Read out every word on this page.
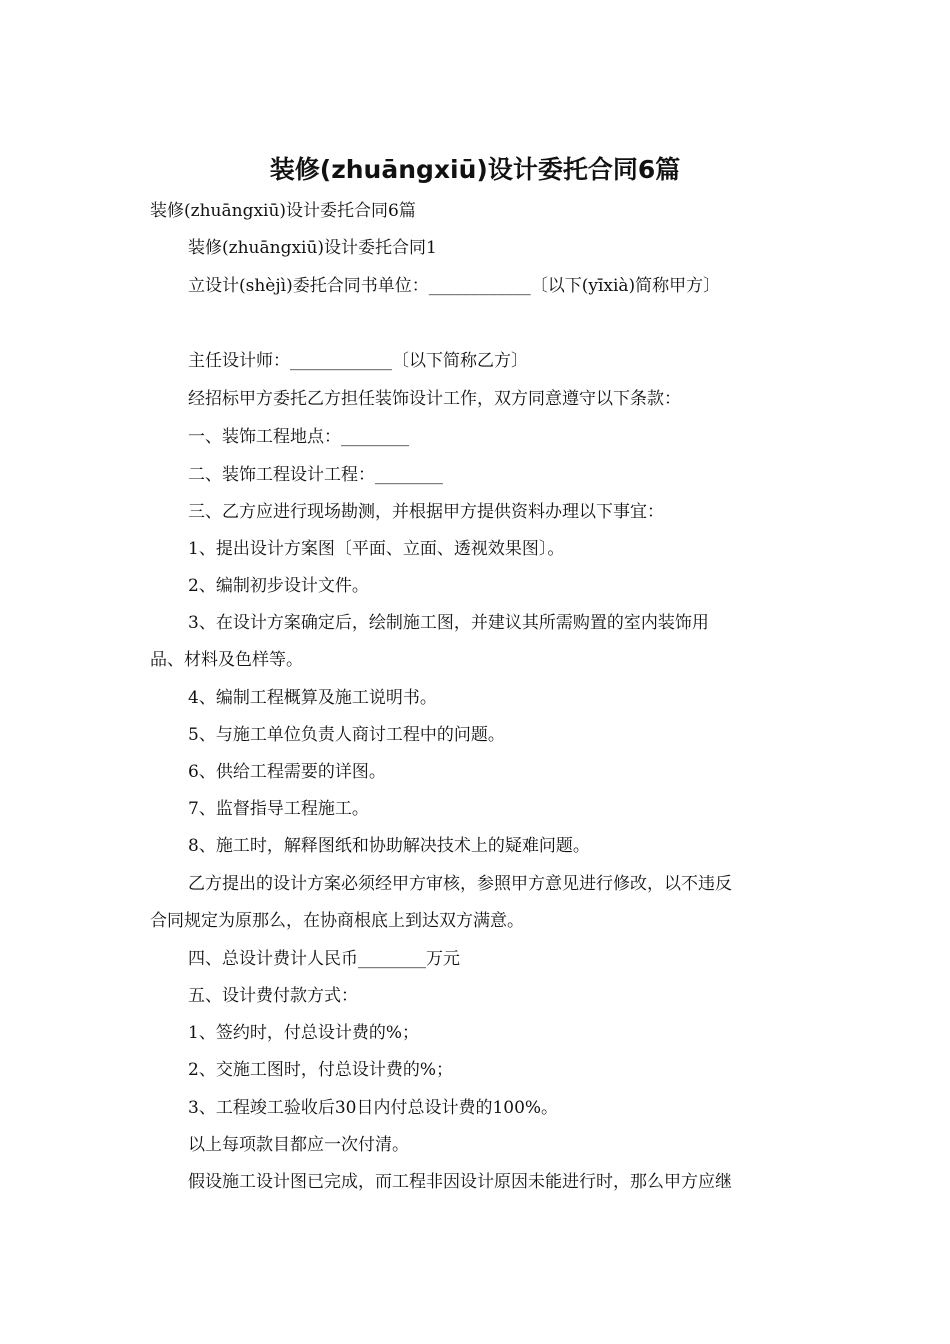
装修(zhuāngxiū)设计委托合同6篇
装修(zhuāngxiū)设计委托合同6篇
装修(zhuāngxiū)设计委托合同1
立设计(shèjì)委托合同书单位：____________〔以下(yīxià)简称甲方〕
主任设计师：____________〔以下简称乙方〕
经招标甲方委托乙方担任装饰设计工作，双方同意遵守以下条款：
一、装饰工程地点：________
二、装饰工程设计工程：________
三、乙方应进行现场勘测，并根据甲方提供资料办理以下事宜：
1、提出设计方案图〔平面、立面、透视效果图〕。
2、编制初步设计文件。
3、在设计方案确定后，绘制施工图，并建议其所需购置的室内装饰用
品、材料及色样等。
4、编制工程概算及施工说明书。
5、与施工单位负责人商讨工程中的问题。
6、供给工程需要的详图。
7、监督指导工程施工。
8、施工时，解释图纸和协助解决技术上的疑难问题。
乙方提出的设计方案必须经甲方审核，参照甲方意见进行修改，以不违反
合同规定为原那么，在协商根底上到达双方满意。
四、总设计费计人民币________万元
五、设计费付款方式：
1、签约时，付总设计费的%；
2、交施工图时，付总设计费的%；
3、工程竣工验收后30日内付总设计费的100%。
以上每项款目都应一次付清。
假设施工设计图已完成，而工程非因设计原因未能进行时，那么甲方应继
